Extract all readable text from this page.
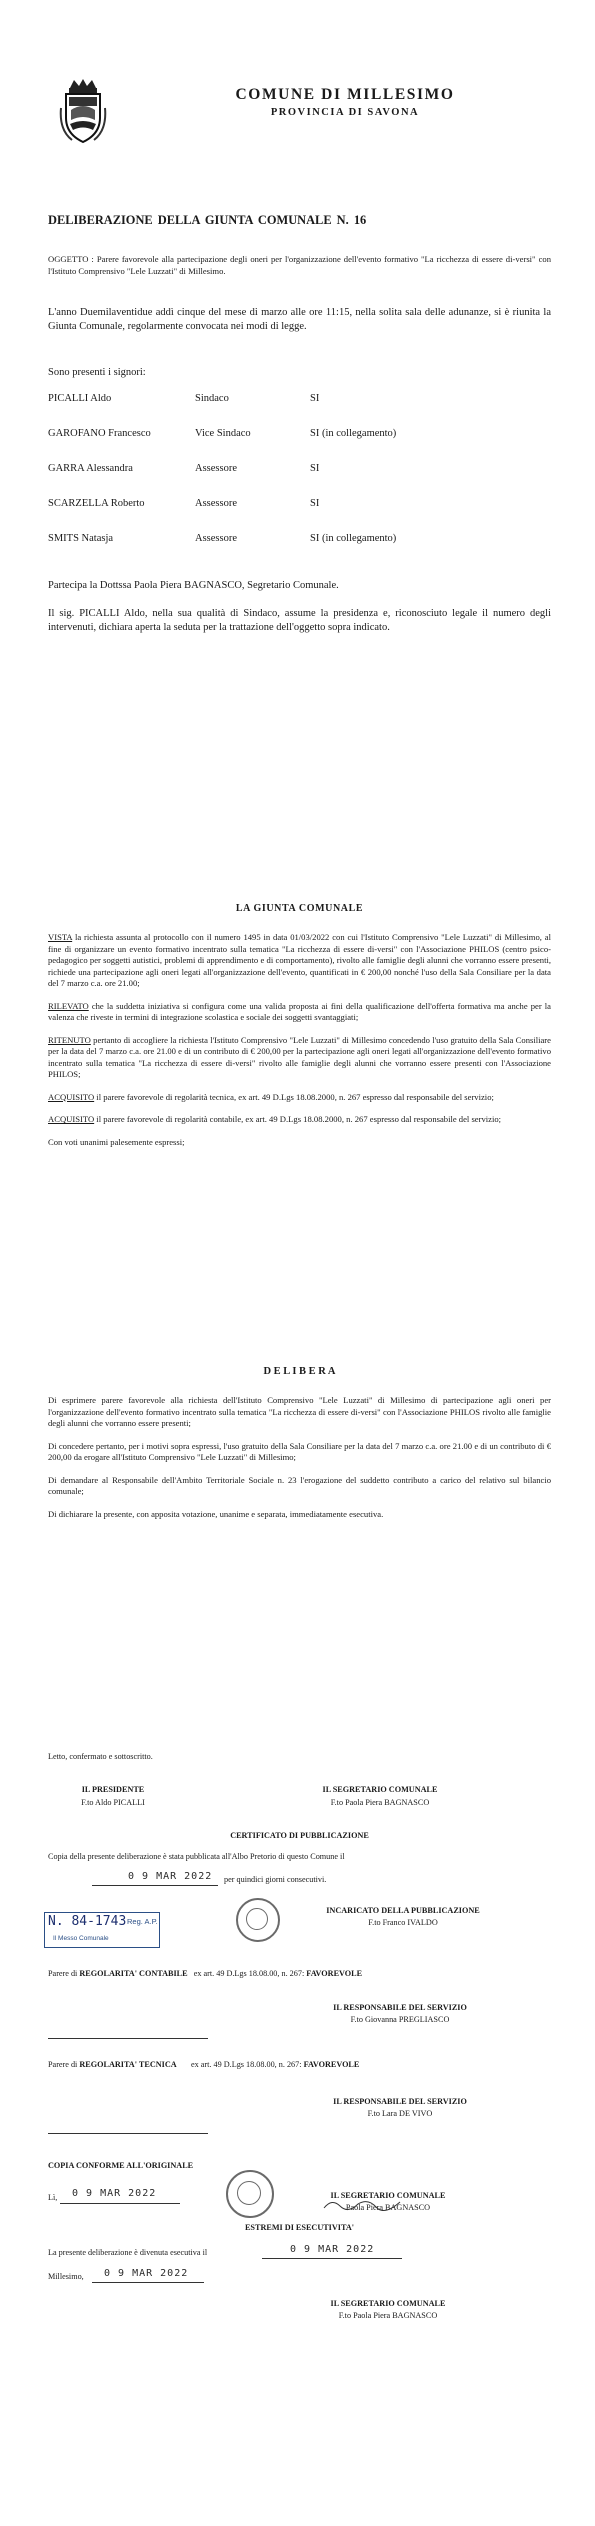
COMUNE DI MILLESIMO
PROVINCIA DI SAVONA
DELIBERAZIONE DELLA GIUNTA COMUNALE N. 16
OGGETTO : Parere favorevole alla partecipazione degli oneri per l'organizzazione dell'evento formativo "La ricchezza di essere di-versi" con l'Istituto Comprensivo "Lele Luzzati" di Millesimo.
L'anno Duemilaventidue addì cinque del mese di marzo alle ore 11:15, nella solita sala delle adunanze, si è riunita la Giunta Comunale, regolarmente convocata nei modi di legge.
Sono presenti i signori:
PICALLI Aldo	Sindaco	SI
GAROFANO Francesco	Vice Sindaco	SI (in collegamento)
GARRA Alessandra	Assessore	SI
SCARZELLA Roberto	Assessore	SI
SMITS Natasja	Assessore	SI (in collegamento)
Partecipa la Dottssa Paola Piera BAGNASCO, Segretario Comunale.
Il sig. PICALLI Aldo, nella sua qualità di Sindaco, assume la presidenza e, riconosciuto legale il numero degli intervenuti, dichiara aperta la seduta per la trattazione dell'oggetto sopra indicato.
LA GIUNTA COMUNALE
VISTA la richiesta assunta al protocollo con il numero 1495 in data 01/03/2022 con cui l'Istituto Comprensivo "Lele Luzzati" di Millesimo, al fine di organizzare un evento formativo incentrato sulla tematica "La ricchezza di essere di-versi" con l'Associazione PHILOS (centro psico-pedagogico per soggetti autistici, problemi di apprendimento e di comportamento), rivolto alle famiglie degli alunni che vorranno essere presenti, richiede una partecipazione agli oneri legati all'organizzazione dell'evento, quantificati in € 200,00 nonché l'uso della Sala Consiliare per la data del 7 marzo c.a. ore 21.00;
RILEVATO che la suddetta iniziativa si configura come una valida proposta ai fini della qualificazione dell'offerta formativa ma anche per la valenza che riveste in termini di integrazione scolastica e sociale dei soggetti svantaggiati;
RITENUTO pertanto di accogliere la richiesta l'Istituto Comprensivo "Lele Luzzati" di Millesimo concedendo l'uso gratuito della Sala Consiliare per la data del 7 marzo c.a. ore 21.00 e di un contributo di € 200,00 per la partecipazione agli oneri legati all'organizzazione dell'evento formativo incentrato sulla tematica "La ricchezza di essere di-versi" rivolto alle famiglie degli alunni che vorranno essere presenti con l'Associazione PHILOS;
ACQUISITO il parere favorevole di regolarità tecnica, ex art. 49 D.Lgs 18.08.2000, n. 267 espresso dal responsabile del servizio;
ACQUISITO il parere favorevole di regolarità contabile, ex art. 49 D.Lgs 18.08.2000, n. 267 espresso dal responsabile del servizio;
Con voti unanimi palesemente espressi;
D E L I B E R A
Di esprimere parere favorevole alla richiesta dell'Istituto Comprensivo "Lele Luzzati" di Millesimo di partecipazione agli oneri per l'organizzazione dell'evento formativo incentrato sulla tematica "La ricchezza di essere di-versi" con l'Associazione PHILOS rivolto alle famiglie degli alunni che vorranno essere presenti;
Di concedere pertanto, per i motivi sopra espressi, l'uso gratuito della Sala Consiliare per la data del 7 marzo c.a. ore 21.00 e di un contributo di € 200,00 da erogare all'Istituto Comprensivo "Lele Luzzati" di Millesimo;
Di demandare al Responsabile dell'Ambito Territoriale Sociale n. 23 l'erogazione del suddetto contributo a carico del relativo sul bilancio comunale;
Di dichiarare la presente, con apposita votazione, unanime e separata, immediatamente esecutiva.
Letto, confermato e sottoscritto.
IL PRESIDENTE
F.to Aldo PICALLI
IL SEGRETARIO COMUNALE
F.to Paola Piera BAGNASCO
CERTIFICATO DI PUBBLICAZIONE
Copia della presente deliberazione è stata pubblicata all'Albo Pretorio di questo Comune il
0 9 MAR 2022 per quindici giorni consecutivi.
N. 84-1743 Reg. A.P.
Il Messo Comunale
INCARICATO DELLA PUBBLICAZIONE
F.to Franco IVALDO
Parere di REGOLARITA' CONTABILE ex art. 49 D.Lgs 18.08.00, n. 267: FAVOREVOLE
IL RESPONSABILE DEL SERVIZIO
F.to Giovanna PREGLIASCO
Parere di REGOLARITA' TECNICA ex art. 49 D.Lgs 18.08.00, n. 267: FAVOREVOLE
IL RESPONSABILE DEL SERVIZIO
F.to Lara DE VIVO
COPIA CONFORME ALL'ORIGINALE
Lì, 0 9 MAR 2022	IL SEGRETARIO COMUNALE
Paola Piera BAGNASCO
ESTREMI DI ESECUTIVITA'
La presente deliberazione è divenuta esecutiva il	0 9 MAR 2022
Millesimo, 0 9 MAR 2022
IL SEGRETARIO COMUNALE
F.to Paola Piera BAGNASCO
